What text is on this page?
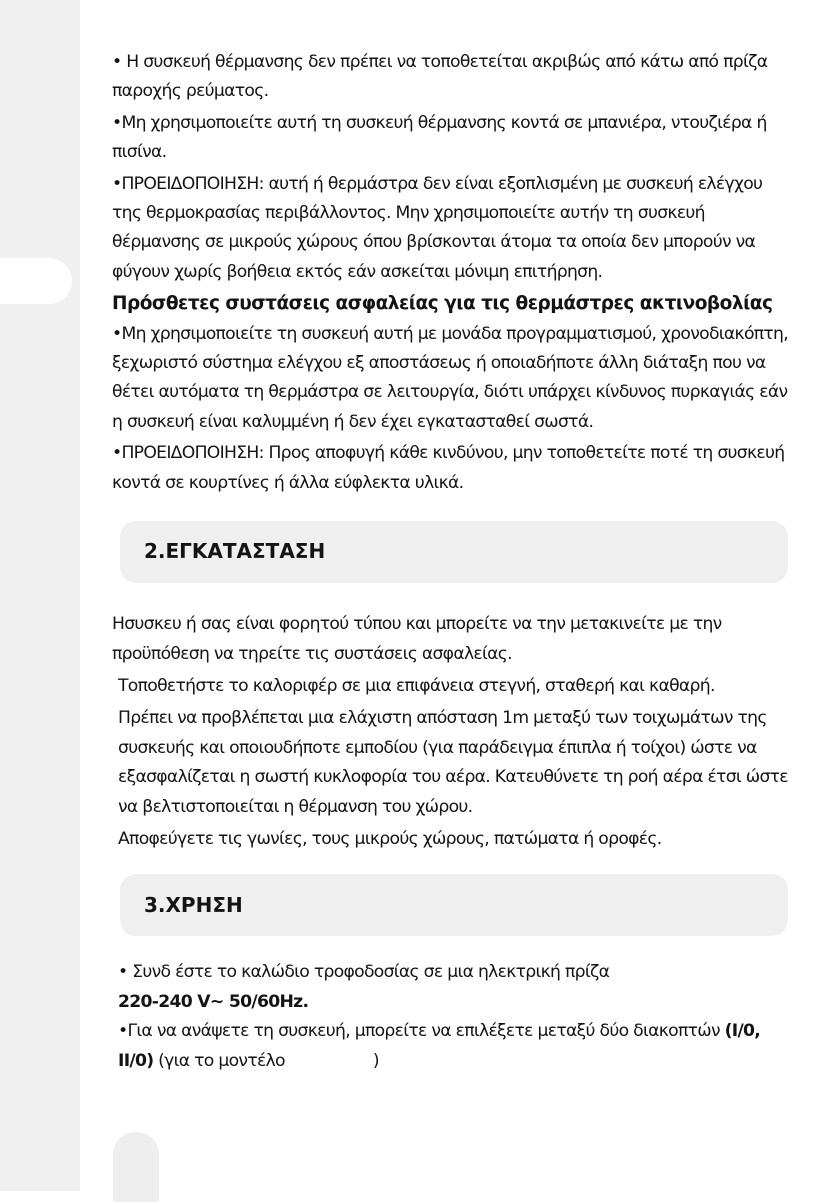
• Η συσκευή θέρμανσης δεν πρέπει να τοποθετείται ακριβώς από κάτω από πρίζα παροχής ρεύματος.

•Μη χρησιμοποιείτε αυτή τη συσκευή θέρμανσης κοντά σε μπανιέρα, ντουζιέρα ή πισίνα.

•ΠΡΟΕΙΔΟΠΟΙΗΣΗ: αυτή ή θερμάστρα δεν είναι εξοπλισμένη με συσκευή ελέγχου της θερμοκρασίας περιβάλλοντος. Μην χρησιμοποιείτε αυτήν τη συσκευή θέρμανσης σε μικρούς χώρους όπου βρίσκονται άτομα τα οποία δεν μπορούν να φύγουν χωρίς βοήθεια εκτός εάν ασκείται μόνιμη επιτήρηση.

Πρόσθετες συστάσεις ασφαλείας για τις θερμάστρες ακτινοβολίας

•Μη χρησιμοποιείτε τη συσκευή αυτή με μονάδα προγραμματισμού, χρονοδιακόπτη, ξεχωριστό σύστημα ελέγχου εξ αποστάσεως ή οποιαδήποτε άλλη διάταξη που να θέτει αυτόματα τη θερμάστρα σε λειτουργία, διότι υπάρχει κίνδυνος πυρκαγιάς εάν η συσκευή είναι καλυμμένη ή δεν έχει εγκατασταθεί σωστά.

•ΠΡΟΕΙΔΟΠΟΙΗΣΗ: Προς αποφυγή κάθε κινδύνου, μην τοποθετείτε ποτέ τη συσκευή κοντά σε κουρτίνες ή άλλα εύφλεκτα υλικά.

2.ΕΓΚΑΤΑΣΤΑΣΗ

Ησυσκευ ή σας είναι φορητού τύπου και μπορείτε να την μετακινείτε με την προϋπόθεση να τηρείτε τις συστάσεις ασφαλείας.

Τοποθετήστε το καλοριφέρ σε μια επιφάνεια στεγνή, σταθερή και καθαρή.

Πρέπει να προβλέπεται μια ελάχιστη απόσταση 1m μεταξύ των τοιχωμάτων της συσκευής και οποιουδήποτε εμποδίου (για παράδειγμα έπιπλα ή τοίχοι) ώστε να εξασφαλίζεται η σωστή κυκλοφορία του αέρα. Κατευθύνετε τη ροή αέρα έτσι ώστε να βελτιστοποιείται η θέρμανση του χώρου.

Αποφεύγετε τις γωνίες, τους μικρούς χώρους, πατώματα ή οροφές.

3.ΧΡΗΣΗ

• Συνδ έστε το καλώδιο τροφοδοσίας σε μια ηλεκτρική πρίζα
220-240 V~ 50/60Hz.

•Για να ανάψετε τη συσκευή, μπορείτε να επιλέξετε μεταξύ δύο διακοπτών (I/0, II/0) (για το μοντέλο	)
